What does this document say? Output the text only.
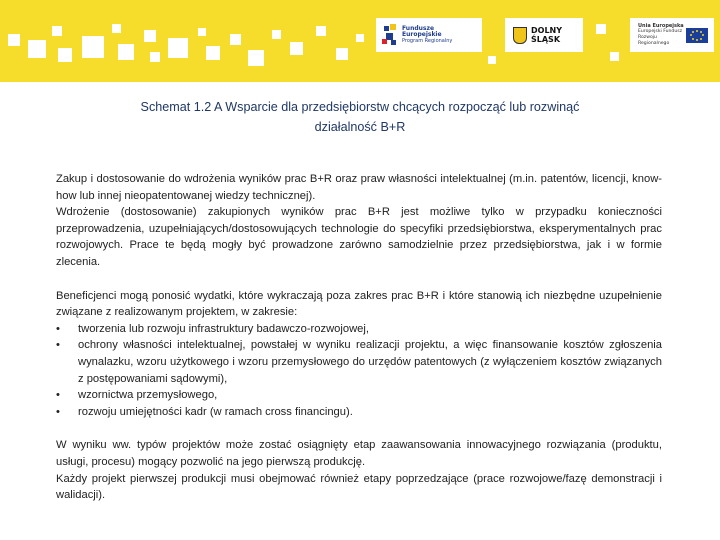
Fundusze
Europejskie
Program Regionalny
DOLNY
ŚLĄSK
Unia Europejska
Europejski Fundusz
Rozwoju Regionalnego
Schemat 1.2 A Wsparcie dla przedsiębiorstw chcących rozpocząć lub rozwinąć
działalność B+R

Zakup i dostosowanie do wdrożenia wyników prac B+R oraz praw własności intelektualnej (m.in. patentów, licencji, know-how lub innej nieopatentowanej wiedzy technicznej).

Wdrożenie (dostosowanie) zakupionych wyników prac B+R jest możliwe tylko w przypadku konieczności przeprowadzenia, uzupełniających/dostosowujących technologie do specyfiki przedsiębiorstwa, eksperymentalnych prac rozwojowych. Prace te będą mogły być prowadzone zarówno samodzielnie przez przedsiębiorstwa, jak i w formie zlecenia.

Beneficjenci mogą ponosić wydatki, które wykraczają poza zakres prac B+R i które stanowią ich niezbędne uzupełnienie związane z realizowanym projektem, w zakresie:

•	tworzenia lub rozwoju infrastruktury badawczo-rozwojowej,
•	ochrony własności intelektualnej, powstałej w wyniku realizacji projektu, a więc finansowanie kosztów zgłoszenia wynalazku, wzoru użytkowego i wzoru przemysłowego do urzędów patentowych (z wyłączeniem kosztów związanych z postępowaniami sądowymi),
•	wzornictwa przemysłowego,
•	rozwoju umiejętności kadr (w ramach cross financingu).

W wyniku ww. typów projektów może zostać osiągnięty etap zaawansowania innowacyjnego rozwiązania (produktu, usługi, procesu) mogący pozwolić na jego pierwszą produkcję.

Każdy projekt pierwszej produkcji musi obejmować również etapy poprzedzające (prace rozwojowe/fazę demonstracji i walidacji).
